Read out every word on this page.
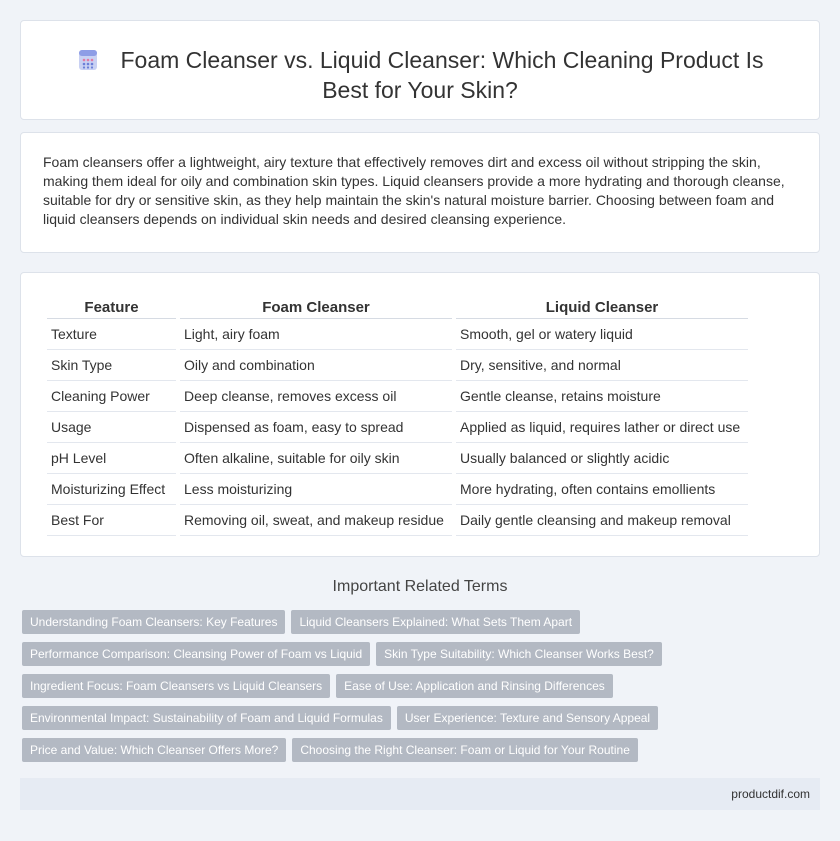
Foam Cleanser vs. Liquid Cleanser: Which Cleaning Product Is Best for Your Skin?

Foam cleansers offer a lightweight, airy texture that effectively removes dirt and excess oil without stripping the skin, making them ideal for oily and combination skin types. Liquid cleansers provide a more hydrating and thorough cleanse, suitable for dry or sensitive skin, as they help maintain the skin's natural moisture barrier. Choosing between foam and liquid cleansers depends on individual skin needs and desired cleansing experience.

Feature	Foam Cleanser	Liquid Cleanser
Texture	Light, airy foam	Smooth, gel or watery liquid
Skin Type	Oily and combination	Dry, sensitive, and normal
Cleaning Power	Deep cleanse, removes excess oil	Gentle cleanse, retains moisture
Usage	Dispensed as foam, easy to spread	Applied as liquid, requires lather or direct use
pH Level	Often alkaline, suitable for oily skin	Usually balanced or slightly acidic
Moisturizing Effect	Less moisturizing	More hydrating, often contains emollients
Best For	Removing oil, sweat, and makeup residue	Daily gentle cleansing and makeup removal
Important Related Terms
Understanding Foam Cleansers: Key Features Liquid Cleansers Explained: What Sets Them Apart
Performance Comparison: Cleansing Power of Foam vs Liquid Skin Type Suitability: Which Cleanser Works Best?
Ingredient Focus: Foam Cleansers vs Liquid Cleansers Ease of Use: Application and Rinsing Differences
Environmental Impact: Sustainability of Foam and Liquid Formulas User Experience: Texture and Sensory Appeal
Price and Value: Which Cleanser Offers More? Choosing the Right Cleanser: Foam or Liquid for Your Routine
productdif.com
